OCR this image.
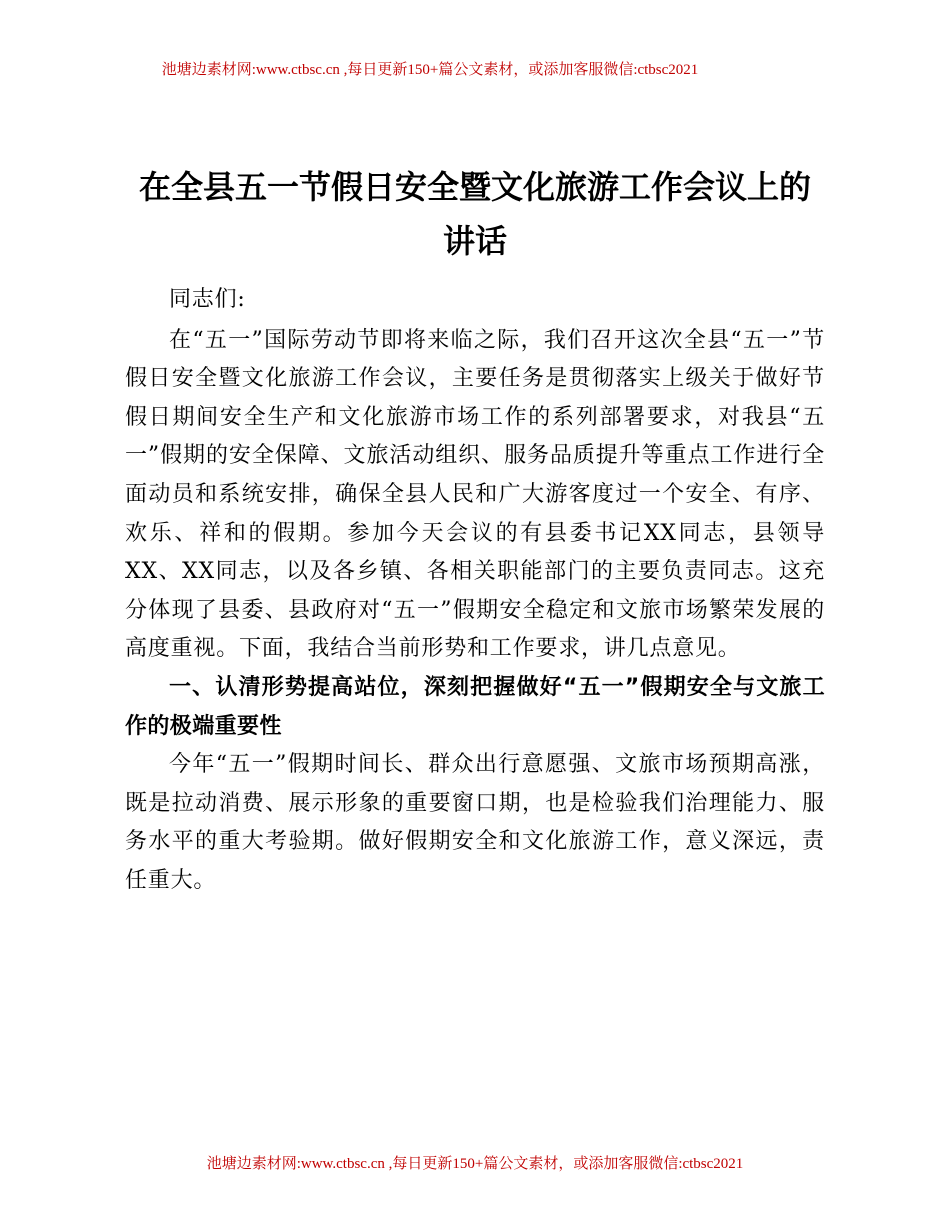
池塘边素材网:www.ctbsc.cn ,每日更新150+篇公文素材，或添加客服微信:ctbsc2021
在全县五一节假日安全暨文化旅游工作会议上的讲话

同志们:

在“五一”国际劳动节即将来临之际，我们召开这次全县“五一”节假日安全暨文化旅游工作会议，主要任务是贯彻落实上级关于做好节假日期间安全生产和文化旅游市场工作的系列部署要求，对我县“五一”假期的安全保障、文旅活动组织、服务品质提升等重点工作进行全面动员和系统安排，确保全县人民和广大游客度过一个安全、有序、欢乐、祥和的假期。参加今天会议的有县委书记XX同志，县领导XX、XX同志，以及各乡镇、各相关职能部门的主要负责同志。这充分体现了县委、县政府对“五一”假期安全稳定和文旅市场繁荣发展的高度重视。下面，我结合当前形势和工作要求，讲几点意见。

一、认清形势提高站位，深刻把握做好“五一”假期安全与文旅工作的极端重要性

今年“五一”假期时间长、群众出行意愿强、文旅市场预期高涨，既是拉动消费、展示形象的重要窗口期，也是检验我们治理能力、服务水平的重大考验期。做好假期安全和文化旅游工作，意义深远，责任重大。

池塘边素材网:www.ctbsc.cn ,每日更新150+篇公文素材，或添加客服微信:ctbsc2021
